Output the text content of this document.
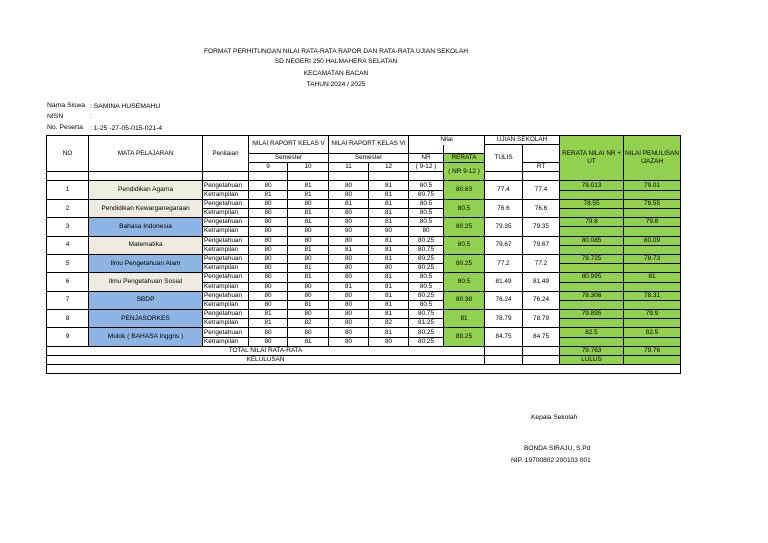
FORMAT PERHITUNGAN NILAI RATA-RATA RAPOR DAN RATA-RATA UJIAN SEKOLAH
SD NEGERI 250 HALMAHERA SELATAN
KECAMATAN BACAN
TAHUN 2024 / 2025
Nama Siswa : SAMINA HUSEMAHU
NISN	:
No. Peserta : 1-25 -27-05-015-021-4
NO	MATA PELAJARAN	Penilaian	NILAI RAPORT KELAS V		NILAI RAPORT KELAS VI		Nilai		UJIAN SEKOLAH		RERATA NILAI NR + UT	NILAI PENULISAN IJAZAH	
									TULIS				
			Semester		Semester		NR	RERATA					
			9	10	11	12	( 9-12 )	( NR 9-12 )		RT			

1	Pendidikan Agama	Pengetahuan	80	81	80	81	80.5	80.63	77.4	77.4	79.013	79.01	
		Ketrampilan	81	81	80	81	80.75						
2	Pendidikan Kewarganegaraan	Pengetahuan	80	80	81	81	80.5	80.5	76.6	76.6	78.55	78.55	
		Ketrampilan	80	81	80	81	80.5						
3	Bahasa Indonesia	Pengetahuan	80	81	80	81	80.5	80.25	79.35	79.35	79.8	79.8	
		Ketrampilan	80	80	80	80	80						
4	Matematika	Pengetahuan	80	80	80	81	80.25	80.5	79.67	79.67	80.085	80.09	
		Ketrampilan	80	81	81	81	80.75						
5	Ilmu Pengetahuan Alam	Pengetahuan	80	80	80	81	80.25	80.25	77.2	77.2	78.725	78.73	
		Ketrampilan	80	81	80	80	80.25						
6	Ilmu Pengetahuan Sosial	Pengetahuan	80	81	80	81	80.5	80.5	81.49	81.49	80.995	81	
		Ketrampilan	80	80	81	81	80.5						
7	SBDP	Pengetahuan	80	80	80	81	80.25	80.38	76.24	76.24	78.308	78.31	
		Ketrampilan	80	81	80	81	80.5						
8	PENJASORKES	Pengetahuan	81	80	80	81	80.75	81	78.79	78.79	79.895	79.9	
		Ketrampilan	81	82	80	82	81.25						
9	Mulok ( BAHASA Inggris )	Pengetahuan	80	80	80	81	80.25	80.25	84.75	84.75	82.5	82.5	
		Ketrampilan	80	81	80	80	80.25						
TOTAL NILAI RATA-RATA											79.763	79.76	
KELULUSAN											LULUS		

Kepala Sekolah
BONDA SIRAJU, S.Pd
NIP. 19700802 200103 001
